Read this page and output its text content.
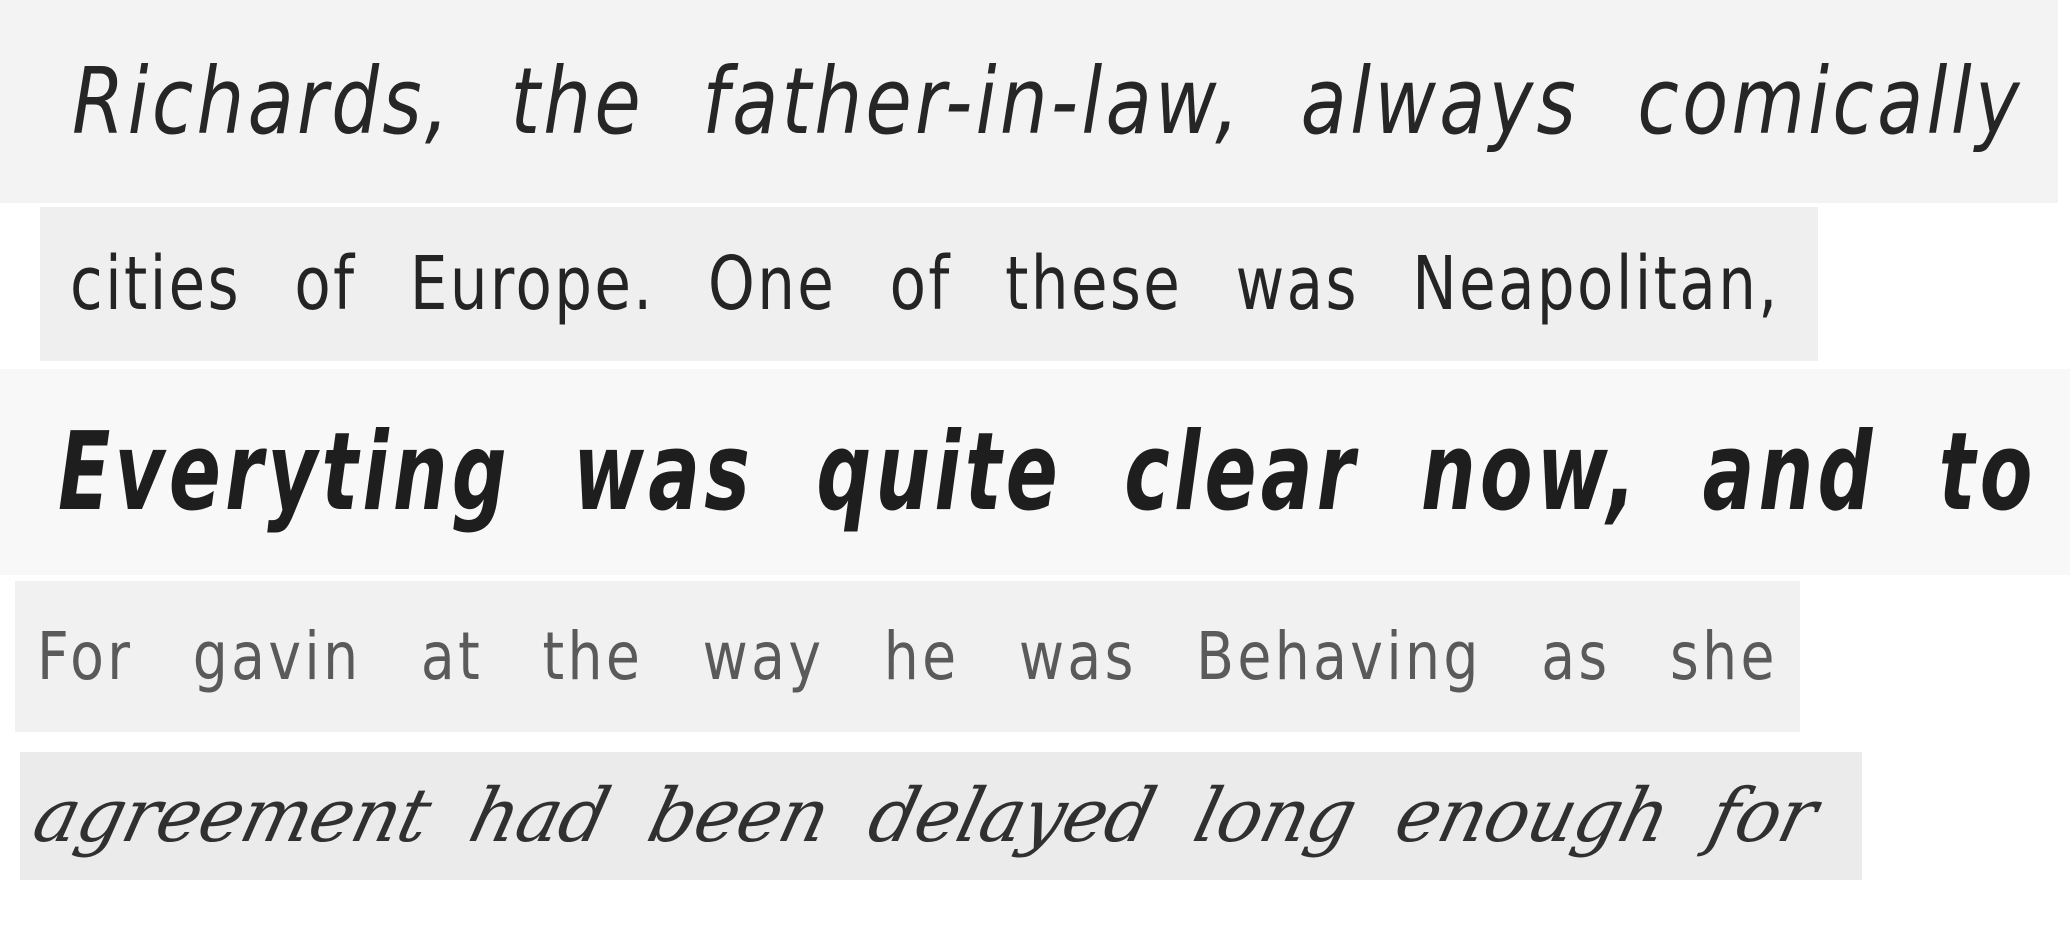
Richards, the father-in-law, always comically
cities of Europe. One of these was Neapolitan,
Everyting was quite clear now, and to
For gavin at the way he was Behaving as she
agreement had been delayed long enough for
